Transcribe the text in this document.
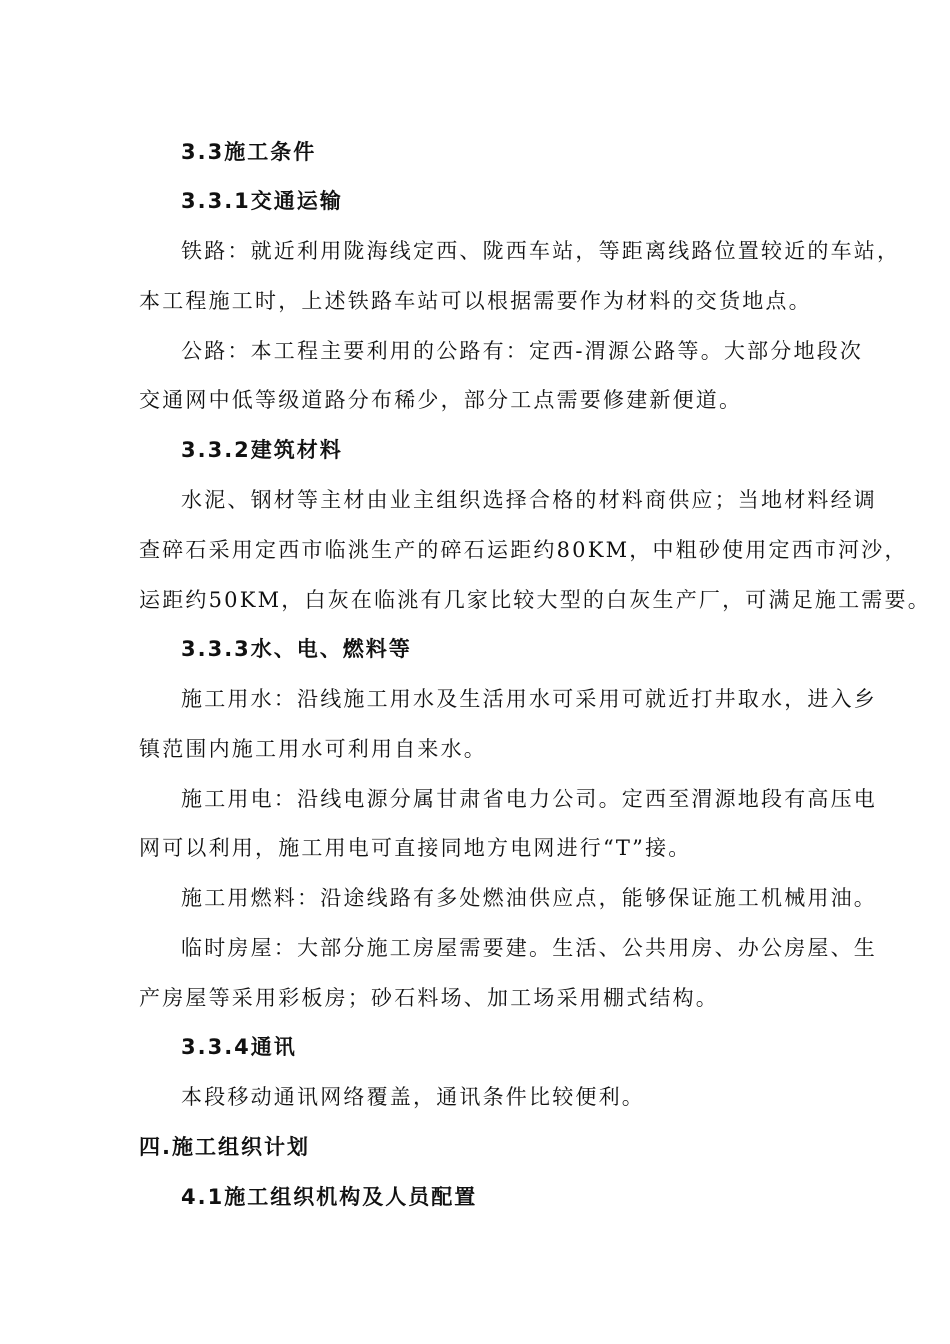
3.3施工条件
3.3.1交通运输
铁路：就近利用陇海线定西、陇西车站，等距离线路位置较近的车站，
本工程施工时，上述铁路车站可以根据需要作为材料的交货地点。
公路：本工程主要利用的公路有：定西-渭源公路等。大部分地段次
交通网中低等级道路分布稀少，部分工点需要修建新便道。
3.3.2建筑材料
水泥、钢材等主材由业主组织选择合格的材料商供应；当地材料经调
查碎石采用定西市临洮生产的碎石运距约80KM，中粗砂使用定西市河沙，
运距约50KM，白灰在临洮有几家比较大型的白灰生产厂，可满足施工需要。
3.3.3水、电、燃料等
施工用水：沿线施工用水及生活用水可采用可就近打井取水，进入乡
镇范围内施工用水可利用自来水。
施工用电：沿线电源分属甘肃省电力公司。定西至渭源地段有高压电
网可以利用，施工用电可直接同地方电网进行“T”接。
施工用燃料：沿途线路有多处燃油供应点，能够保证施工机械用油。
临时房屋：大部分施工房屋需要建。生活、公共用房、办公房屋、生
产房屋等采用彩板房；砂石料场、加工场采用棚式结构。
3.3.4通讯
本段移动通讯网络覆盖，通讯条件比较便利。
四.施工组织计划
4.1施工组织机构及人员配置
